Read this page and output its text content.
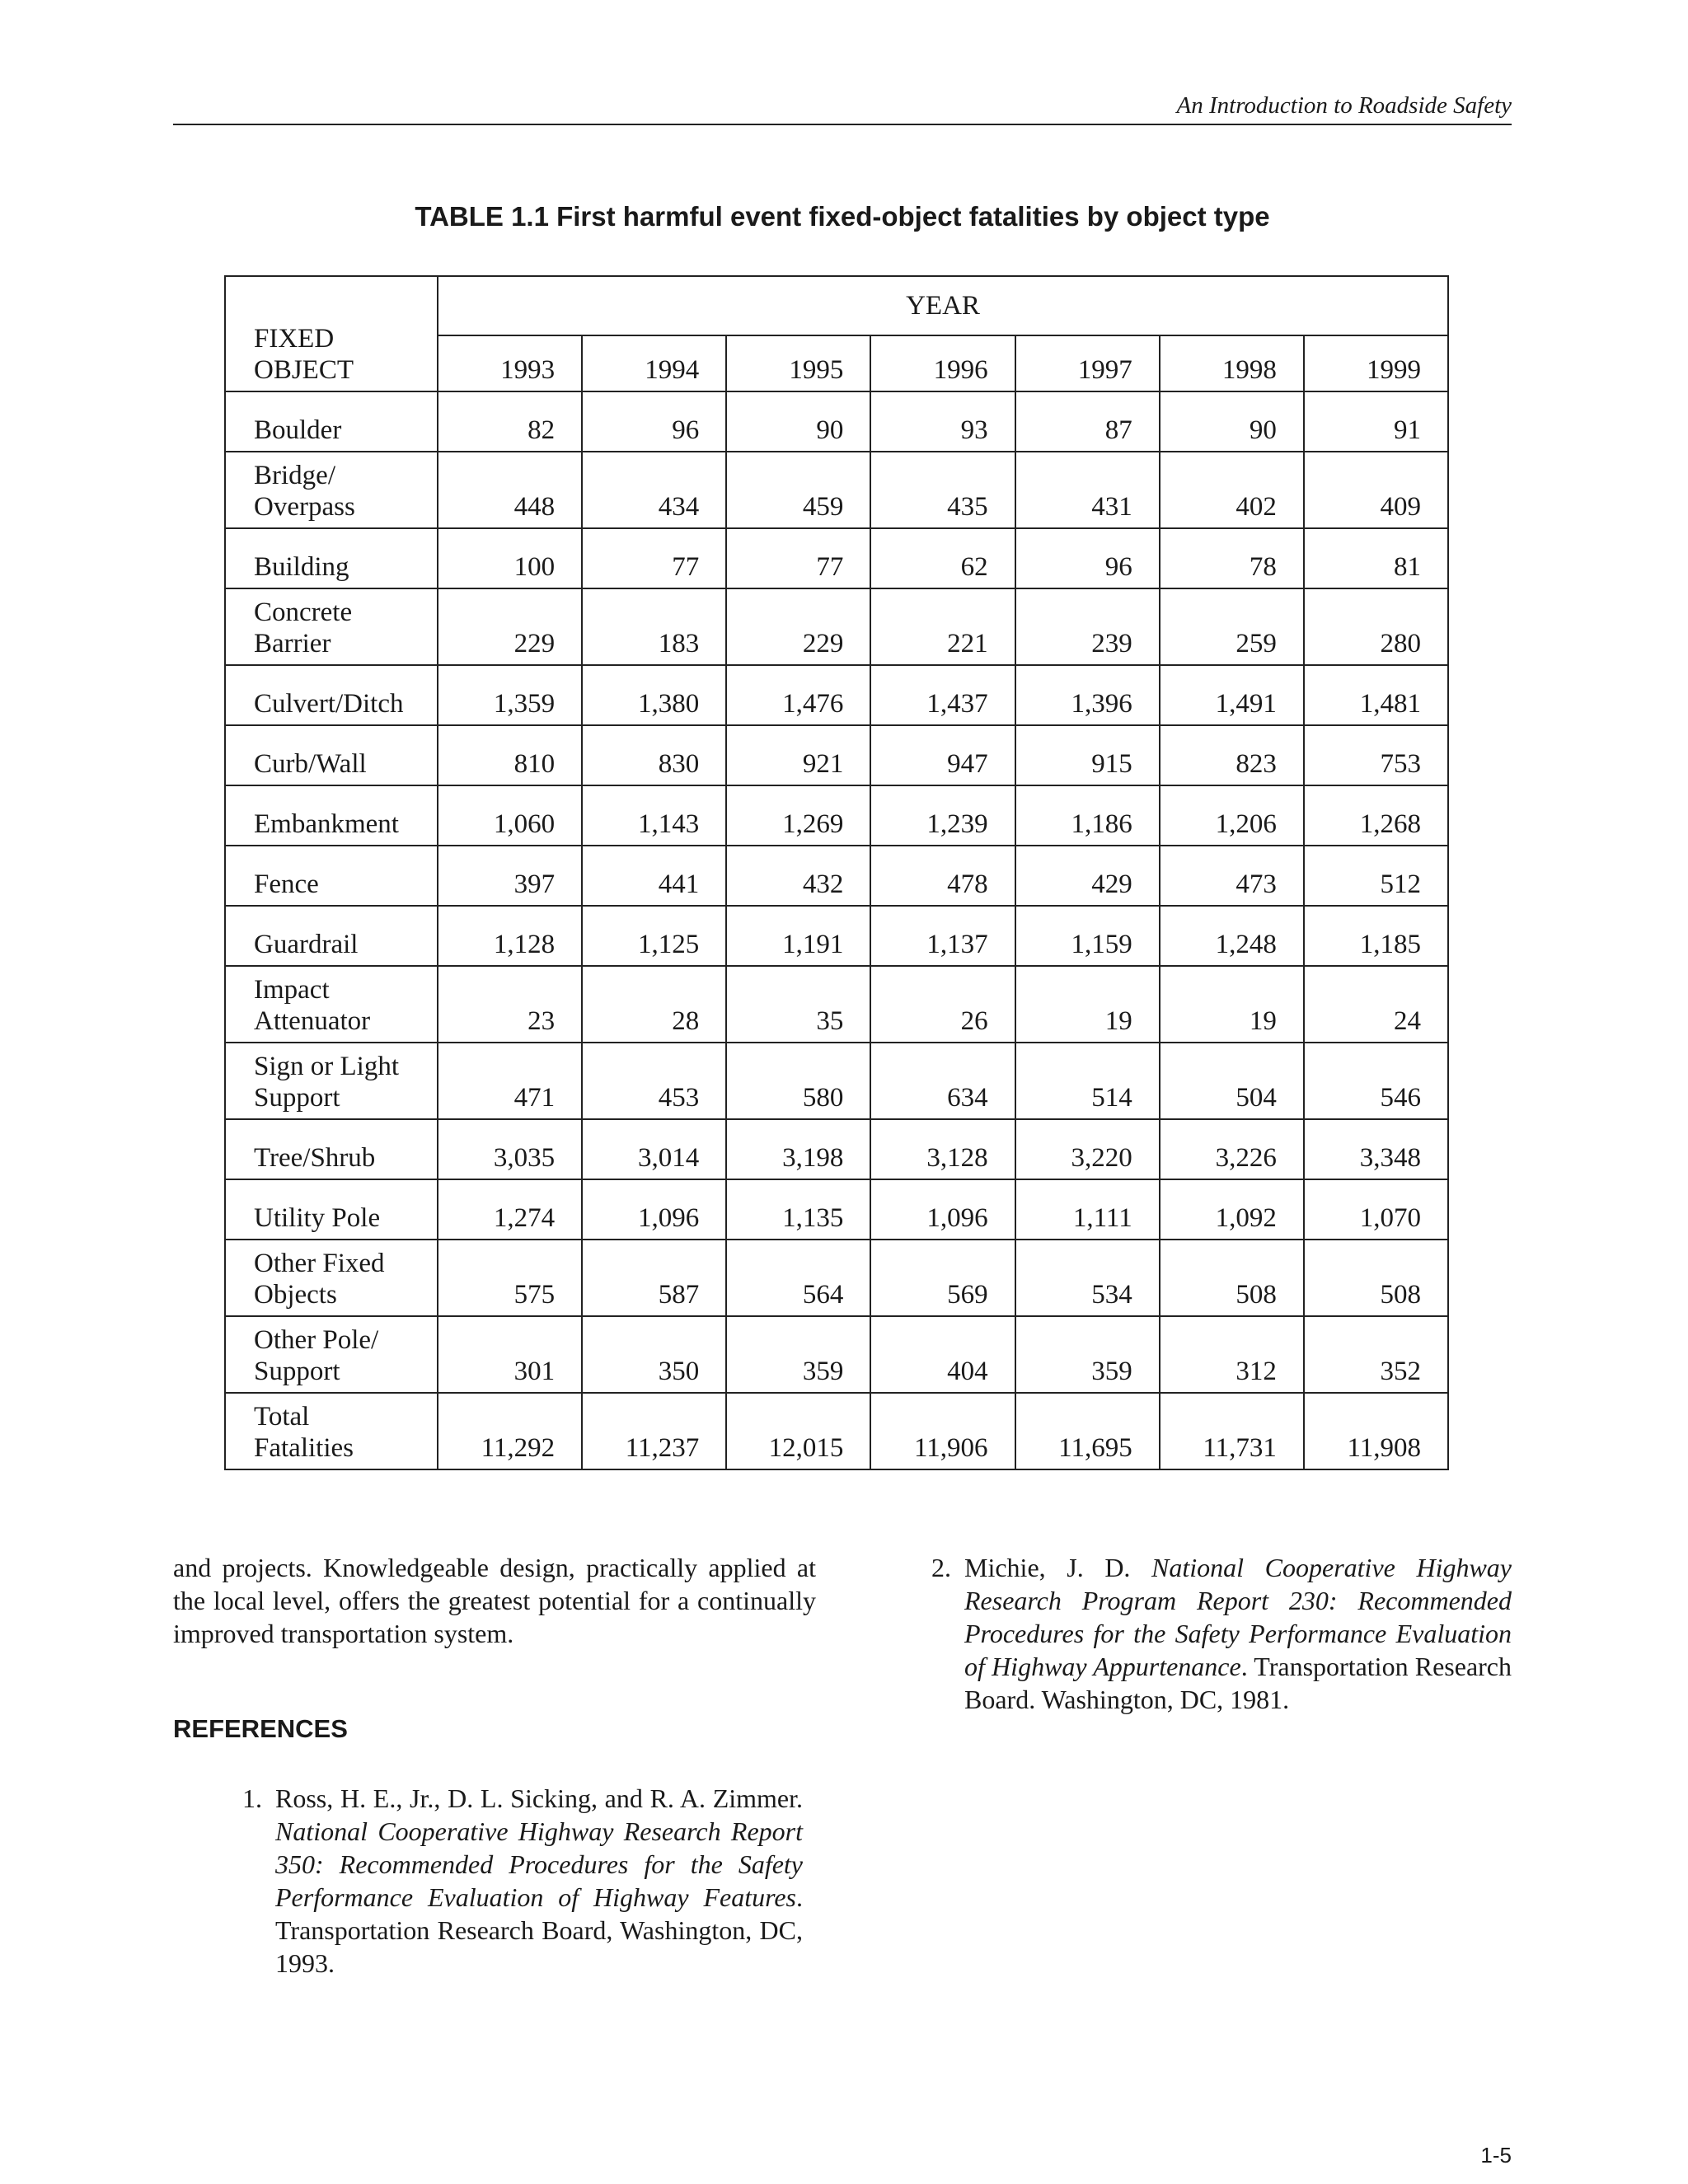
An Introduction to Roadside Safety
TABLE 1.1 First harmful event fixed-object fatalities by object type
FIXED
OBJECT	YEAR						
	1993	1994	1995	1996	1997	1998	1999
Boulder	82	96	90	93	87	90	91
Bridge/
Overpass	448	434	459	435	431	402	409
Building	100	77	77	62	96	78	81
Concrete
Barrier	229	183	229	221	239	259	280
Culvert/Ditch	1,359	1,380	1,476	1,437	1,396	1,491	1,481
Curb/Wall	810	830	921	947	915	823	753
Embankment	1,060	1,143	1,269	1,239	1,186	1,206	1,268
Fence	397	441	432	478	429	473	512
Guardrail	1,128	1,125	1,191	1,137	1,159	1,248	1,185
Impact
Attenuator	23	28	35	26	19	19	24
Sign or Light
Support	471	453	580	634	514	504	546
Tree/Shrub	3,035	3,014	3,198	3,128	3,220	3,226	3,348
Utility Pole	1,274	1,096	1,135	1,096	1,111	1,092	1,070
Other Fixed
Objects	575	587	564	569	534	508	508
Other Pole/
Support	301	350	359	404	359	312	352
Total
Fatalities	11,292	11,237	12,015	11,906	11,695	11,731	11,908
and projects. Knowledgeable design, practically applied at the local level, offers the greatest potential for a continually improved transportation system.
REFERENCES
1. Ross, H. E., Jr., D. L. Sicking, and R. A. Zimmer. National Cooperative Highway Research Report 350: Recommended Procedures for the Safety Performance Evaluation of Highway Features. Transportation Research Board, Washington, DC, 1993.
2. Michie, J. D. National Cooperative Highway Research Program Report 230: Recommended Procedures for the Safety Performance Evaluation of Highway Appurtenance. Transportation Research Board. Washington, DC, 1981.
1-5
